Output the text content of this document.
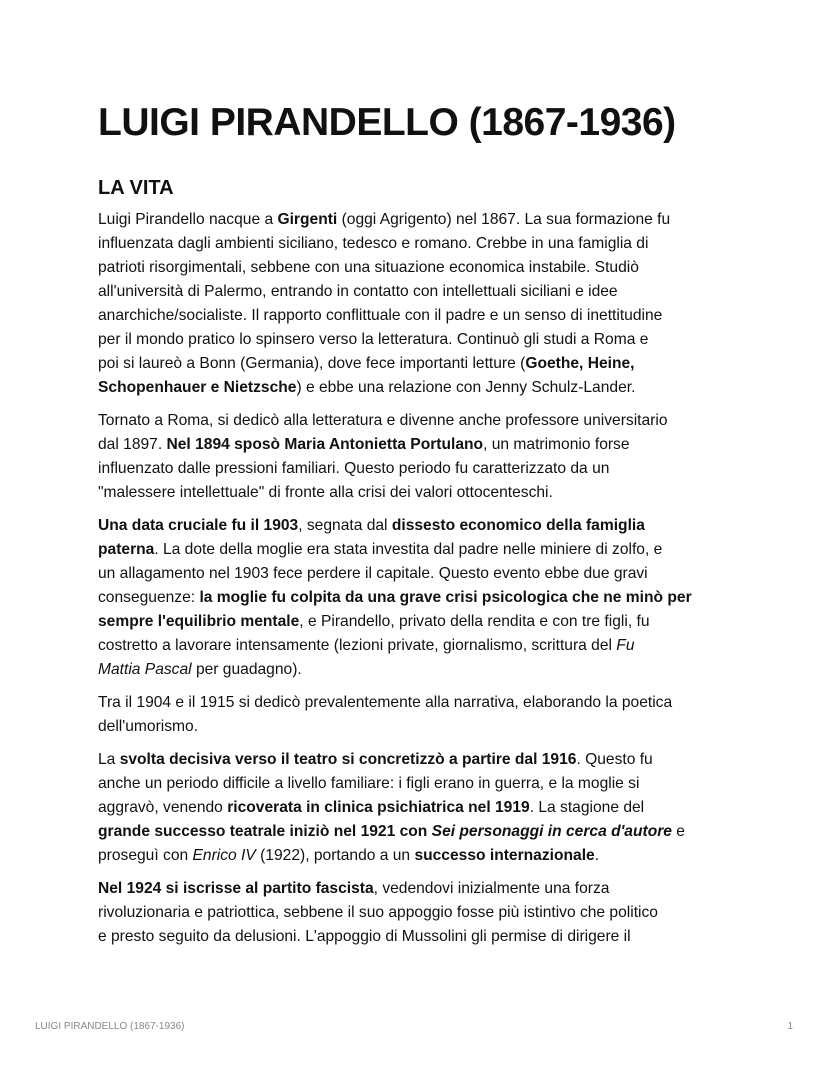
LUIGI PIRANDELLO (1867-1936)
LA VITA

Luigi Pirandello nacque a Girgenti (oggi Agrigento) nel 1867. La sua formazione fu
influenzata dagli ambienti siciliano, tedesco e romano. Crebbe in una famiglia di
patrioti risorgimentali, sebbene con una situazione economica instabile. Studiò
all'università di Palermo, entrando in contatto con intellettuali siciliani e idee
anarchiche/socialiste. Il rapporto conflittuale con il padre e un senso di inettitudine
per il mondo pratico lo spinsero verso la letteratura. Continuò gli studi a Roma e
poi si laureò a Bonn (Germania), dove fece importanti letture (Goethe, Heine,
Schopenhauer e Nietzsche) e ebbe una relazione con Jenny Schulz-Lander.

Tornato a Roma, si dedicò alla letteratura e divenne anche professore universitario
dal 1897. Nel 1894 sposò Maria Antonietta Portulano, un matrimonio forse
influenzato dalle pressioni familiari. Questo periodo fu caratterizzato da un
"malessere intellettuale" di fronte alla crisi dei valori ottocenteschi.

Una data cruciale fu il 1903, segnata dal dissesto economico della famiglia
paterna. La dote della moglie era stata investita dal padre nelle miniere di zolfo, e
un allagamento nel 1903 fece perdere il capitale. Questo evento ebbe due gravi
conseguenze: la moglie fu colpita da una grave crisi psicologica che ne minò per
sempre l'equilibrio mentale, e Pirandello, privato della rendita e con tre figli, fu
costretto a lavorare intensamente (lezioni private, giornalismo, scrittura del Fu
Mattia Pascal per guadagno).

Tra il 1904 e il 1915 si dedicò prevalentemente alla narrativa, elaborando la poetica
dell'umorismo.

La svolta decisiva verso il teatro si concretizzò a partire dal 1916. Questo fu
anche un periodo difficile a livello familiare: i figli erano in guerra, e la moglie si
aggravò, venendo ricoverata in clinica psichiatrica nel 1919. La stagione del
grande successo teatrale iniziò nel 1921 con Sei personaggi in cerca d'autore e
proseguì con Enrico IV (1922), portando a un successo internazionale.

Nel 1924 si iscrisse al partito fascista, vedendovi inizialmente una forza
rivoluzionaria e patriottica, sebbene il suo appoggio fosse più istintivo che politico
e presto seguito da delusioni. L'appoggio di Mussolini gli permise di dirigere il

LUIGI PIRANDELLO (1867-1936)	1
